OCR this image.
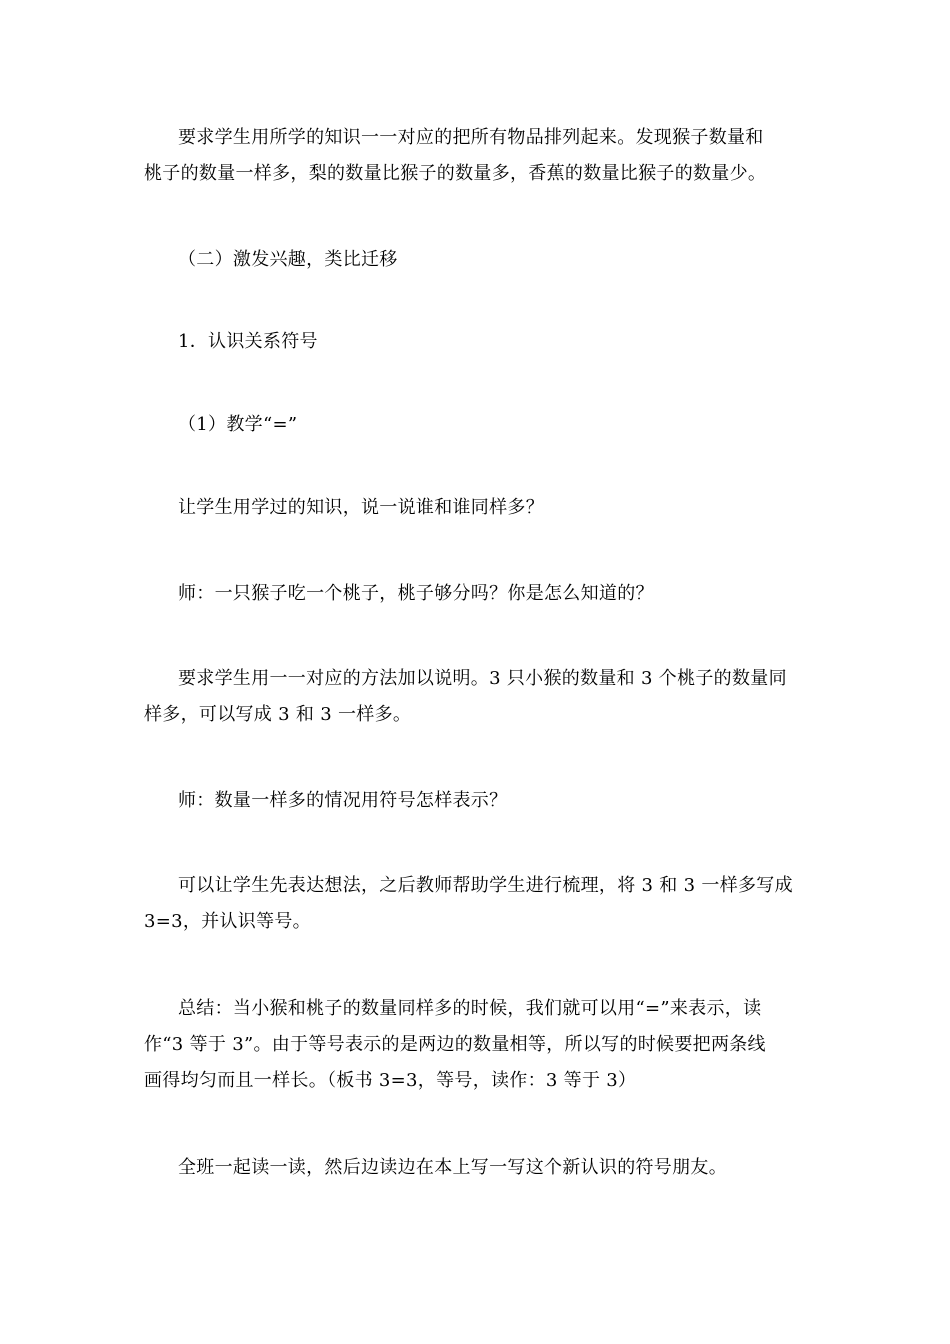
要求学生用所学的知识一一对应的把所有物品排列起来。发现猴子数量和
桃子的数量一样多，梨的数量比猴子的数量多，香蕉的数量比猴子的数量少。

（二）激发兴趣，类比迁移

1．认识关系符号

（1）教学“=”

让学生用学过的知识，说一说谁和谁同样多？

师：一只猴子吃一个桃子，桃子够分吗？你是怎么知道的？

要求学生用一一对应的方法加以说明。3 只小猴的数量和 3 个桃子的数量同
样多，可以写成 3 和 3 一样多。

师：数量一样多的情况用符号怎样表示？

可以让学生先表达想法，之后教师帮助学生进行梳理，将 3 和 3 一样多写成
3=3，并认识等号。

总结：当小猴和桃子的数量同样多的时候，我们就可以用“=”来表示，读
作“3 等于 3”。由于等号表示的是两边的数量相等，所以写的时候要把两条线
画得均匀而且一样长。（板书 3=3，等号，读作：3 等于 3）

全班一起读一读，然后边读边在本上写一写这个新认识的符号朋友。
